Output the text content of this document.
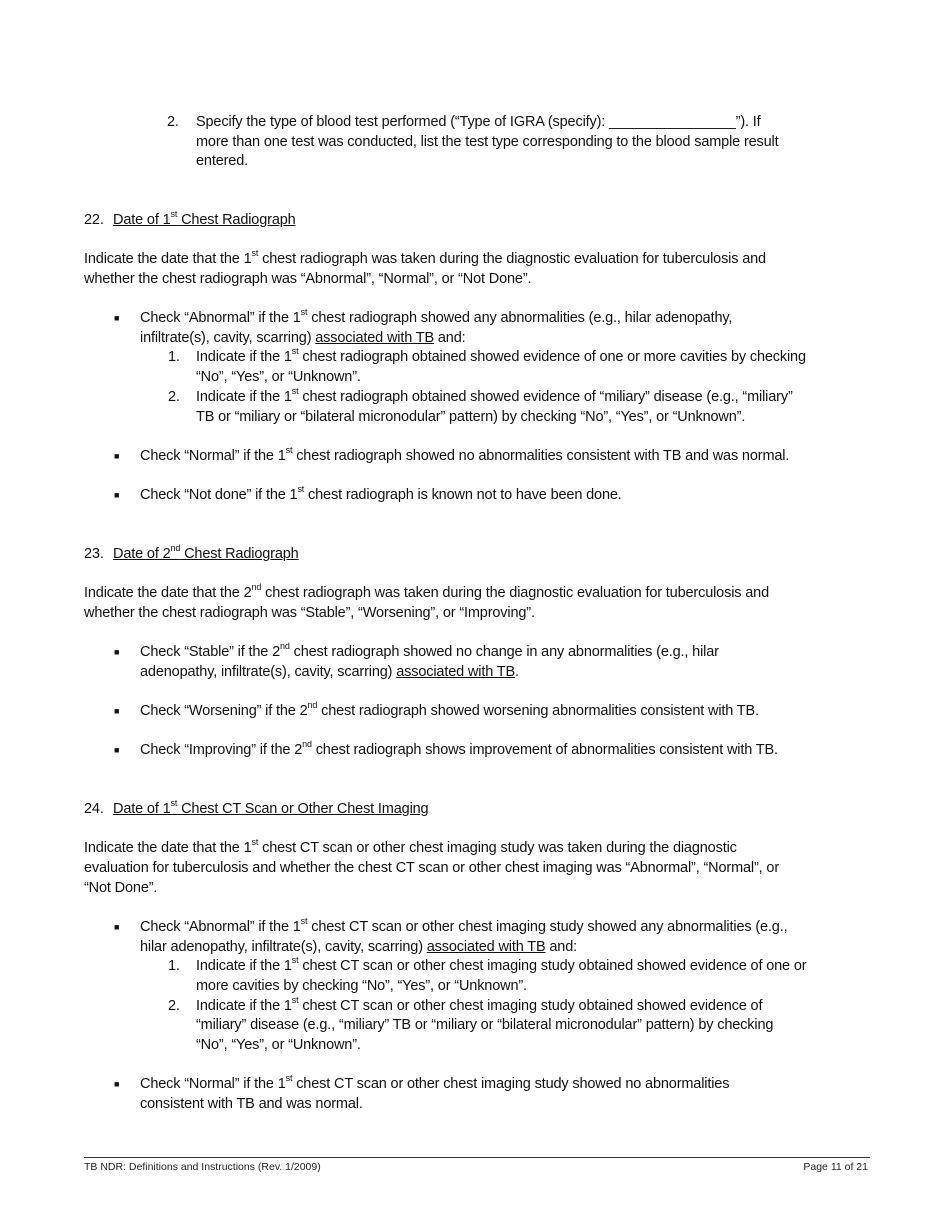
2. Specify the type of blood test performed (“Type of IGRA (specify): ________________”). If
more than one test was conducted, list the test type corresponding to the blood sample result
entered.
22. Date of 1st Chest Radiograph
Indicate the date that the 1st chest radiograph was taken during the diagnostic evaluation for tuberculosis and
whether the chest radiograph was “Abnormal”, “Normal”, or “Not Done”.
■ Check “Abnormal” if the 1st chest radiograph showed any abnormalities (e.g., hilar adenopathy,
infiltrate(s), cavity, scarring) associated with TB and:
1. Indicate if the 1st chest radiograph obtained showed evidence of one or more cavities by checking
“No”, “Yes”, or “Unknown”.
2. Indicate if the 1st chest radiograph obtained showed evidence of “miliary” disease (e.g., “miliary”
TB or “miliary or “bilateral micronodular” pattern) by checking “No”, “Yes”, or “Unknown”.
■ Check “Normal” if the 1st chest radiograph showed no abnormalities consistent with TB and was normal.
■ Check “Not done” if the 1st chest radiograph is known not to have been done.
23. Date of 2nd Chest Radiograph
Indicate the date that the 2nd chest radiograph was taken during the diagnostic evaluation for tuberculosis and
whether the chest radiograph was “Stable”, “Worsening”, or “Improving”.
■ Check “Stable” if the 2nd chest radiograph showed no change in any abnormalities (e.g., hilar
adenopathy, infiltrate(s), cavity, scarring) associated with TB.
■ Check “Worsening” if the 2nd chest radiograph showed worsening abnormalities consistent with TB.
■ Check “Improving” if the 2nd chest radiograph shows improvement of abnormalities consistent with TB.
24. Date of 1st Chest CT Scan or Other Chest Imaging
Indicate the date that the 1st chest CT scan or other chest imaging study was taken during the diagnostic
evaluation for tuberculosis and whether the chest CT scan or other chest imaging was “Abnormal”, “Normal”, or
“Not Done”.
■ Check “Abnormal” if the 1st chest CT scan or other chest imaging study showed any abnormalities (e.g.,
hilar adenopathy, infiltrate(s), cavity, scarring) associated with TB and:
1. Indicate if the 1st chest CT scan or other chest imaging study obtained showed evidence of one or
more cavities by checking “No”, “Yes”, or “Unknown”.
2. Indicate if the 1st chest CT scan or other chest imaging study obtained showed evidence of
“miliary” disease (e.g., “miliary” TB or “miliary or “bilateral micronodular” pattern) by checking
“No”, “Yes”, or “Unknown”.
■ Check “Normal” if the 1st chest CT scan or other chest imaging study showed no abnormalities
consistent with TB and was normal.
TB NDR: Definitions and Instructions (Rev. 1/2009)	Page 11 of 21
